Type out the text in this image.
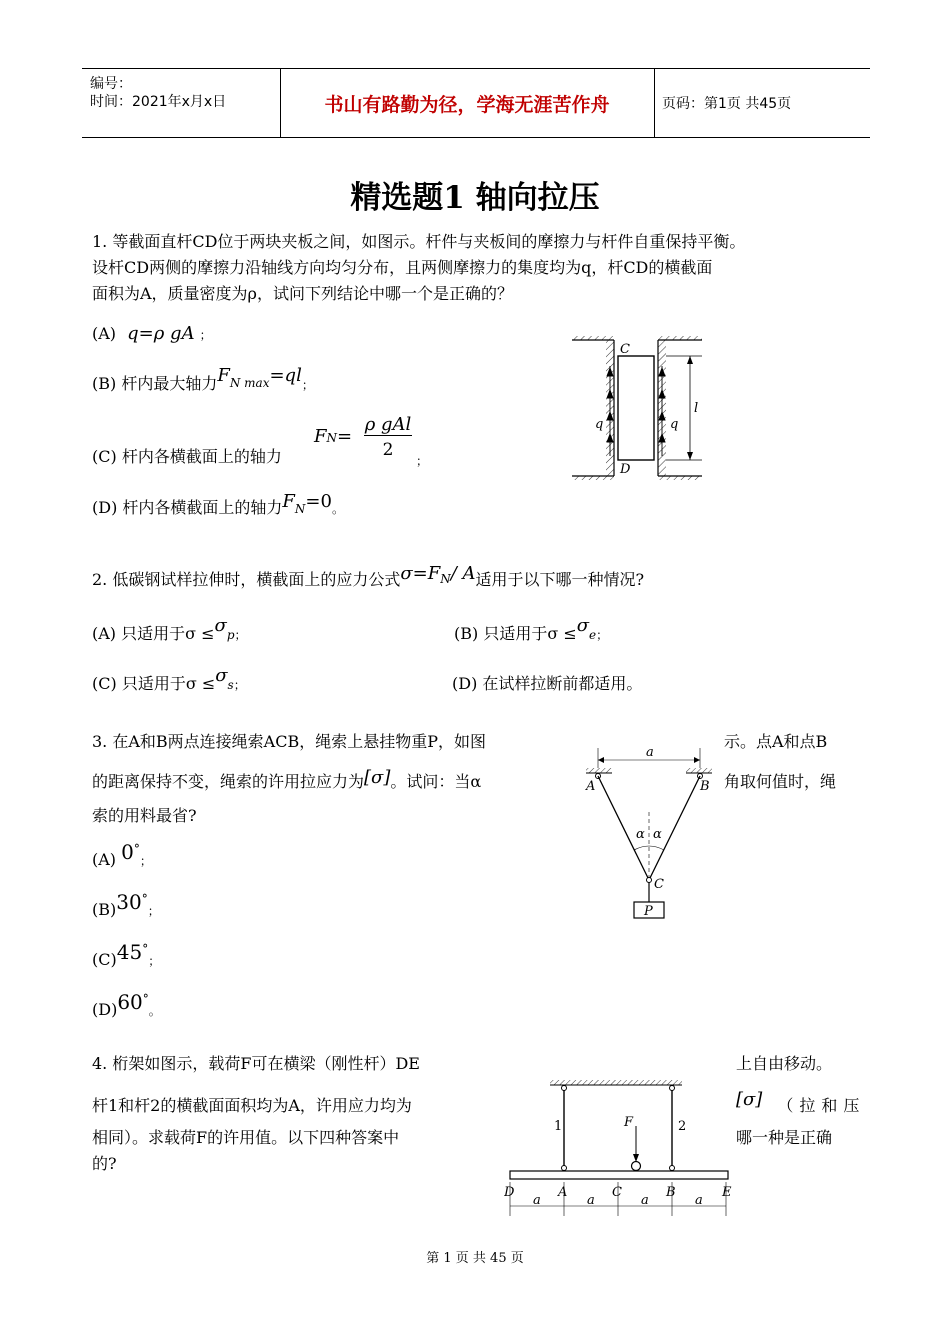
编号：
时间：2021年x月x日	书山有路勤为径，学海无涯苦作舟	页码：第1页 共45页
精选题1 轴向拉压
1. 等截面直杆CD位于两块夹板之间，如图示。杆件与夹板间的摩擦力与杆件自重保持平衡。
设杆CD两侧的摩擦力沿轴线方向均匀分布，且两侧摩擦力的集度均为q，杆CD的横截面
面积为A，质量密度为ρ，试问下列结论中哪一个是正确的？
(A) q=ρ gA ；
(B) 杆内最大轴力FN max=ql；
(C) 杆内各横截面上的轴力
FN=
ρ gAl
2
；
(D) 杆内各横截面上的轴力FN=0。
C
D
q	q
l
2. 低碳钢试样拉伸时，横截面上的应力公式σ=FN/ A适用于以下哪一种情况?
(A) 只适用于σ ≤σp；	(B) 只适用于σ ≤σe；
(C) 只适用于σ ≤σs；	(D) 在试样拉断前都适用。
3. 在A和B两点连接绳索ACB，绳索上悬挂物重P，如图	示。点A和点B
的距离保持不变，绳索的许用拉应力为[σ]。试问：当α	角取何值时，绳
索的用料最省?
(A) 0°；
(B)30°；
(C)45°；
(D)60°。
a
A	B
α α
C
P
4. 桁架如图示，载荷F可在横梁（刚性杆）DE	上自由移动。
杆1和杆2的横截面面积均为A，许用应力均为	[σ] （拉和压
相同）。求载荷F的许用值。以下四种答案中	哪一种是正确
的?
1	2
F
D	A	C	B	E
a	a	a	a
第 1 页 共 45 页
